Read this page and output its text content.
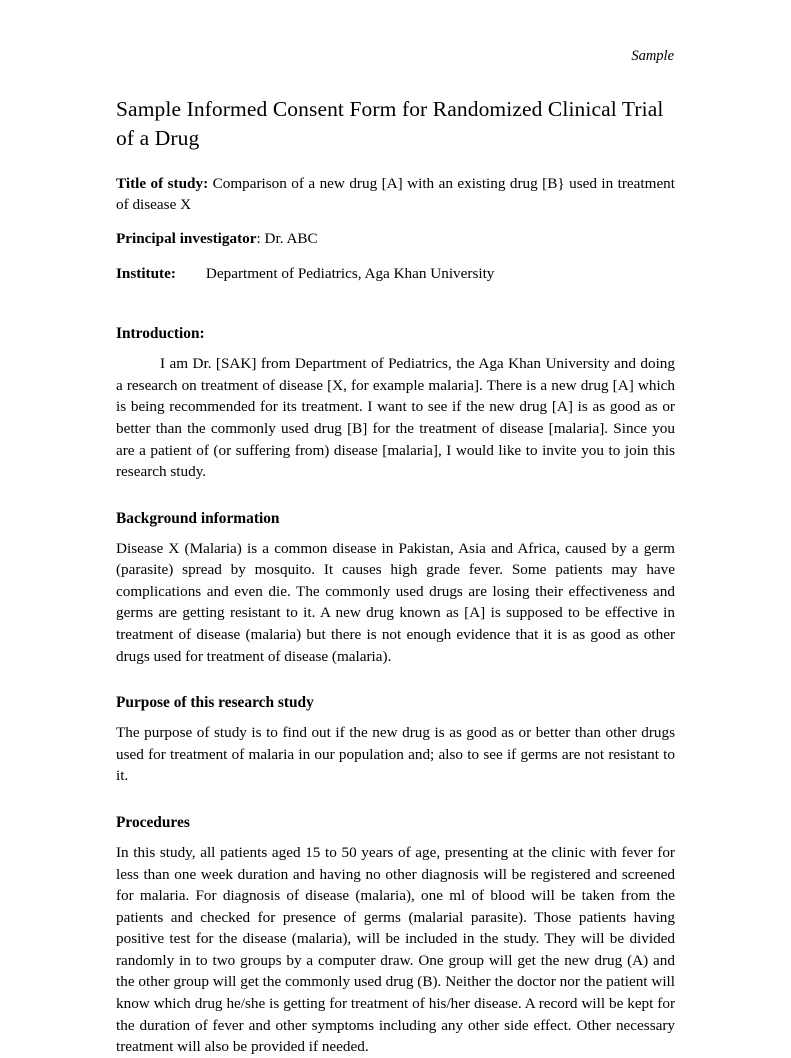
Sample
Sample Informed Consent Form for Randomized Clinical Trial of a Drug

Title of study: Comparison of a new drug [A] with an existing drug [B} used in treatment of disease X

Principal investigator: Dr. ABC

Institute: Department of Pediatrics, Aga Khan University

Introduction:

I am Dr. [SAK] from Department of Pediatrics, the Aga Khan University and doing a research on treatment of disease [X, for example malaria]. There is a new drug [A] which is being recommended for its treatment. I want to see if the new drug [A] is as good as or better than the commonly used drug [B] for the treatment of disease [malaria]. Since you are a patient of (or suffering from) disease [malaria], I would like to invite you to join this research study.

Background information

Disease X (Malaria) is a common disease in Pakistan, Asia and Africa, caused by a germ (parasite) spread by mosquito. It causes high grade fever. Some patients may have complications and even die. The commonly used drugs are losing their effectiveness and germs are getting resistant to it. A new drug known as [A] is supposed to be effective in treatment of disease (malaria) but there is not enough evidence that it is as good as other drugs used for treatment of disease (malaria).

Purpose of this research study

The purpose of study is to find out if the new drug is as good as or better than other drugs used for treatment of malaria in our population and; also to see if germs are not resistant to it.

Procedures

In this study, all patients aged 15 to 50 years of age, presenting at the clinic with fever for less than one week duration and having no other diagnosis will be registered and screened for malaria. For diagnosis of disease (malaria), one ml of blood will be taken from the patients and checked for presence of germs (malarial parasite). Those patients having positive test for the disease (malaria), will be included in the study. They will be divided randomly in to two groups by a computer draw. One group will get the new drug (A) and the other group will get the commonly used drug (B). Neither the doctor nor the patient will know which drug he/she is getting for treatment of his/her disease. A record will be kept for the duration of fever and other symptoms including any other side effect. Other necessary treatment will also be provided if needed.
